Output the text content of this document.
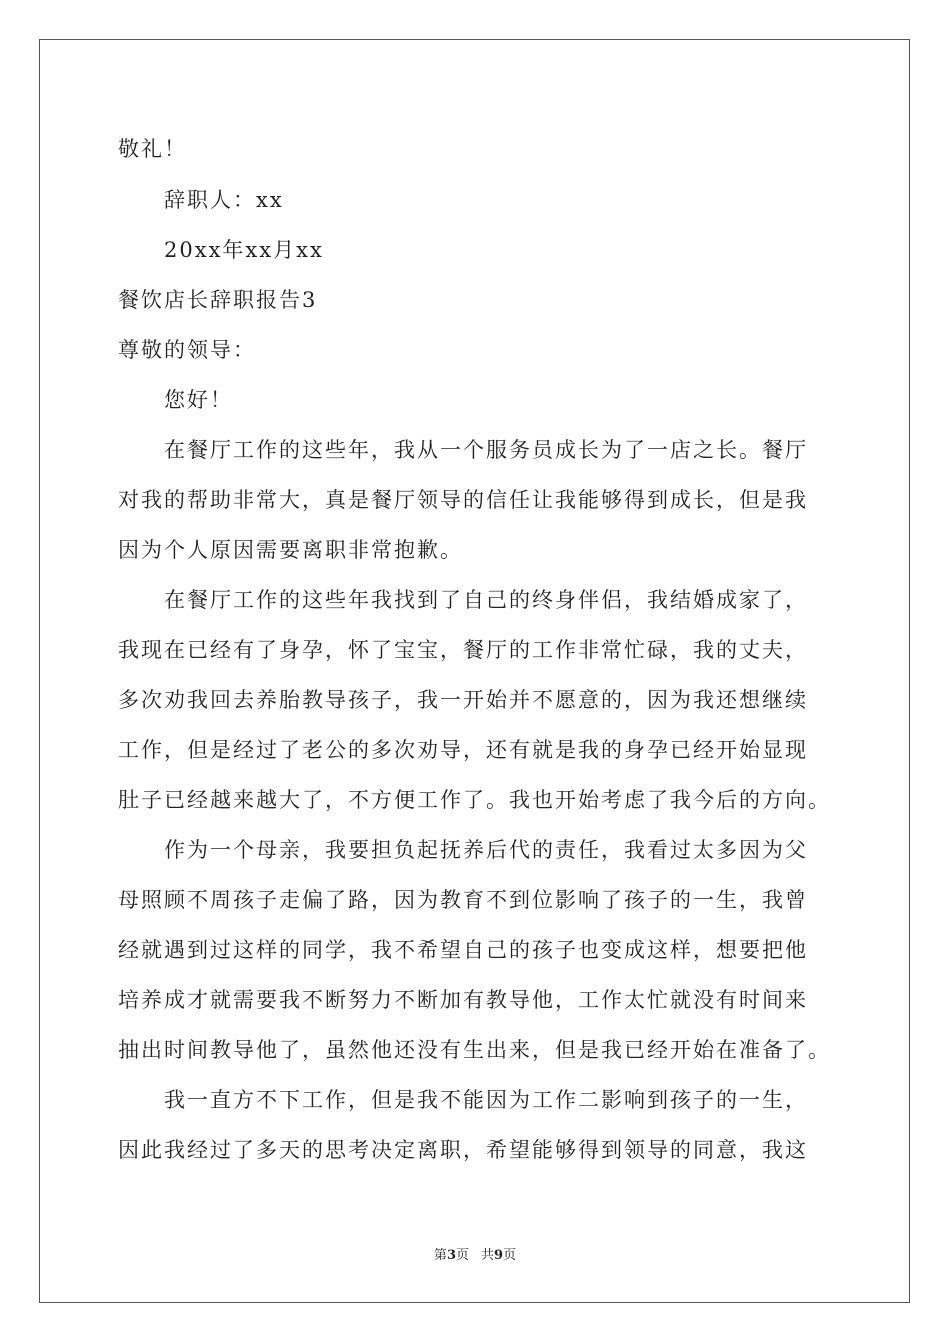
敬礼！
辞职人：xx
20xx年xx月xx
餐饮店长辞职报告3
尊敬的领导：
您好！
在餐厅工作的这些年，我从一个服务员成长为了一店之长。餐厅
对我的帮助非常大，真是餐厅领导的信任让我能够得到成长，但是我
因为个人原因需要离职非常抱歉。
在餐厅工作的这些年我找到了自己的终身伴侣，我结婚成家了，
我现在已经有了身孕，怀了宝宝，餐厅的工作非常忙碌，我的丈夫，
多次劝我回去养胎教导孩子，我一开始并不愿意的，因为我还想继续
工作，但是经过了老公的多次劝导，还有就是我的身孕已经开始显现
肚子已经越来越大了，不方便工作了。我也开始考虑了我今后的方向。
作为一个母亲，我要担负起抚养后代的责任，我看过太多因为父
母照顾不周孩子走偏了路，因为教育不到位影响了孩子的一生，我曾
经就遇到过这样的同学，我不希望自己的孩子也变成这样，想要把他
培养成才就需要我不断努力不断加有教导他，工作太忙就没有时间来
抽出时间教导他了，虽然他还没有生出来，但是我已经开始在准备了。
我一直方不下工作，但是我不能因为工作二影响到孩子的一生，
因此我经过了多天的思考决定离职，希望能够得到领导的同意，我这
第3页 共9页
